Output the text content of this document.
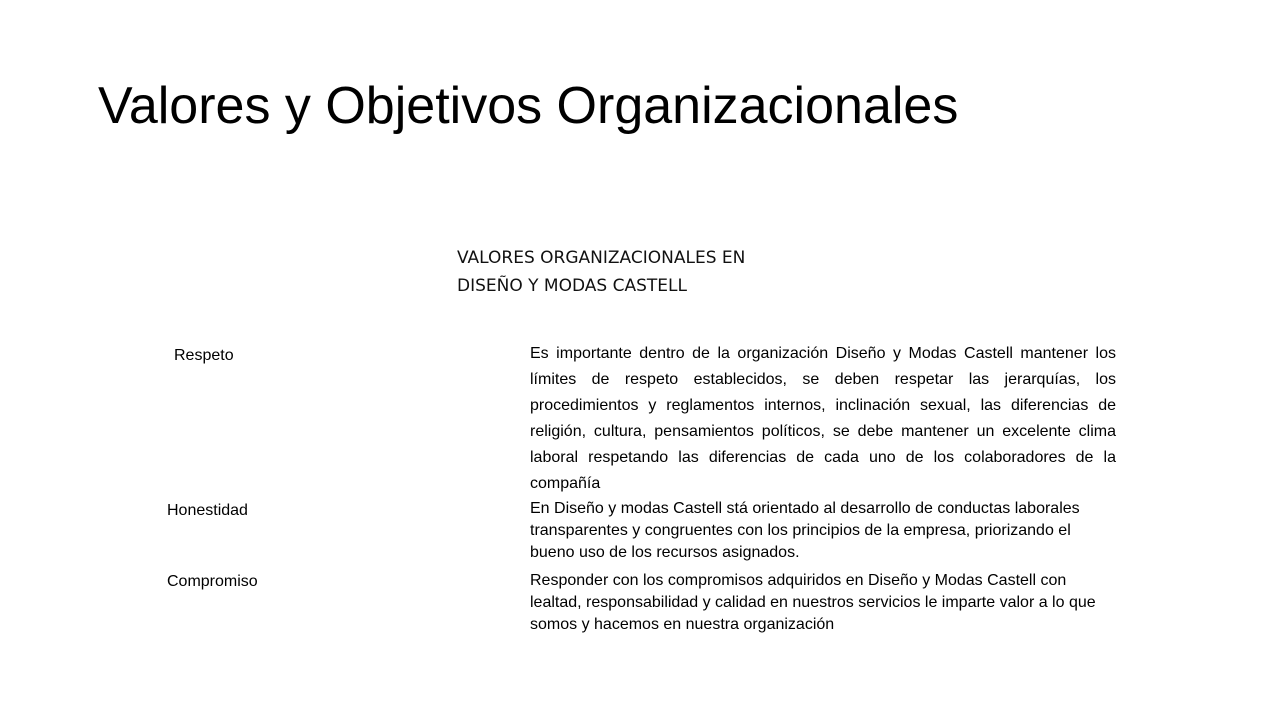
Valores y Objetivos Organizacionales
VALORES ORGANIZACIONALES EN
DISEÑO Y MODAS CASTELL
Respeto	Es importante dentro de la organización Diseño y Modas Castell mantener los límites de respeto establecidos, se deben respetar las jerarquías, los procedimientos y reglamentos internos, inclinación sexual, las diferencias de religión, cultura, pensamientos políticos, se debe mantener un excelente clima laboral respetando las diferencias de cada uno de los colaboradores de la compañía
Honestidad	En Diseño y modas Castell stá orientado al desarrollo de conductas laborales transparentes y congruentes con los principios de la empresa, priorizando el bueno uso de los recursos asignados.
Compromiso	Responder con los compromisos adquiridos en Diseño y Modas Castell con lealtad, responsabilidad y calidad en nuestros servicios le imparte valor a lo que somos y hacemos en nuestra organización
